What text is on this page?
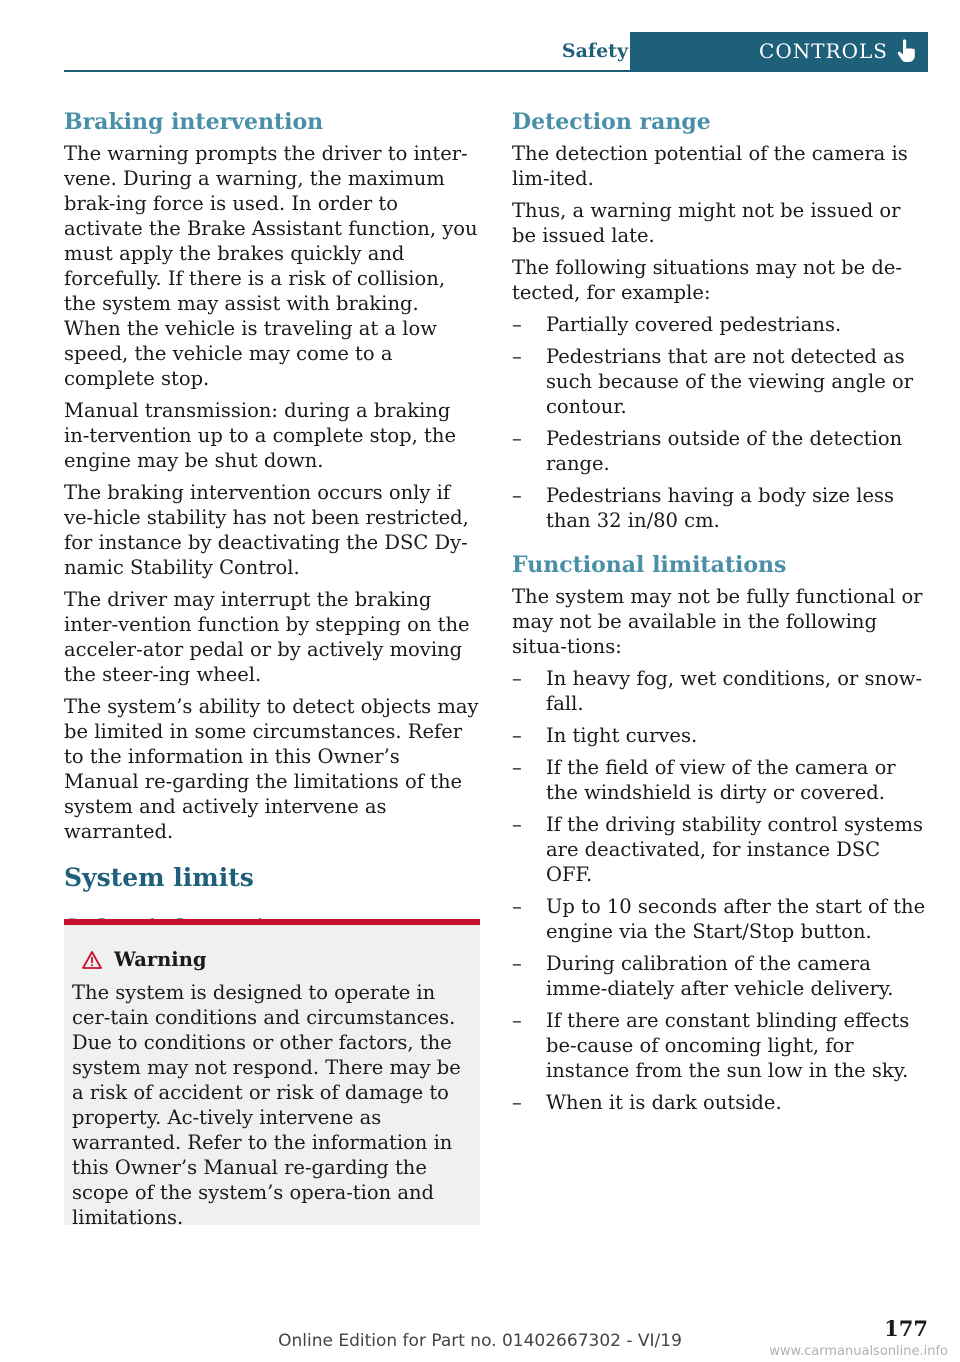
Safety	CONTROLS
Braking intervention

The warning prompts the driver to inter-vene. During a warning, the maximum brak-ing force is used. In order to activate the Brake Assistant function, you must apply the brakes quickly and forcefully. If there is a risk of collision, the system may assist with braking. When the vehicle is traveling at a low speed, the vehicle may come to a complete stop.

Manual transmission: during a braking in-tervention up to a complete stop, the engine may be shut down.

The braking intervention occurs only if ve-hicle stability has not been restricted, for instance by deactivating the DSC Dy-namic Stability Control.

The driver may interrupt the braking inter-vention function by stepping on the acceler-ator pedal or by actively moving the steer-ing wheel.

The system’s ability to detect objects may be limited in some circumstances. Refer to the information in this Owner’s Manual re-garding the limitations of the system and actively intervene as warranted.

System limits
Warning
The system is designed to operate in cer-tain conditions and circumstances. Due to conditions or other factors, the system may not respond. There may be a risk of accident or risk of damage to property. Ac-tively intervene as warranted. Refer to the information in this Owner’s Manual re-garding the scope of the system’s opera-tion and limitations.
Detection range

The detection potential of the camera is lim-ited.

Thus, a warning might not be issued or be issued late.

The following situations may not be de-tected, for example:

– Partially covered pedestrians.
– Pedestrians that are not detected as such because of the viewing angle or contour.
– Pedestrians outside of the detection range.
– Pedestrians having a body size less than 32 in/80 cm.
Functional limitations

The system may not be fully functional or may not be available in the following situa-tions:

– In heavy fog, wet conditions, or snow-fall.
– In tight curves.
– If the field of view of the camera or the windshield is dirty or covered.
– If the driving stability control systems are deactivated, for instance DSC OFF.
– Up to 10 seconds after the start of the engine via the Start/Stop button.
– During calibration of the camera imme-diately after vehicle delivery.
– If there are constant blinding effects be-cause of oncoming light, for instance from the sun low in the sky.
– When it is dark outside.
177
Online Edition for Part no. 01402667302 - VI/19
www.carmanualsonline.info
